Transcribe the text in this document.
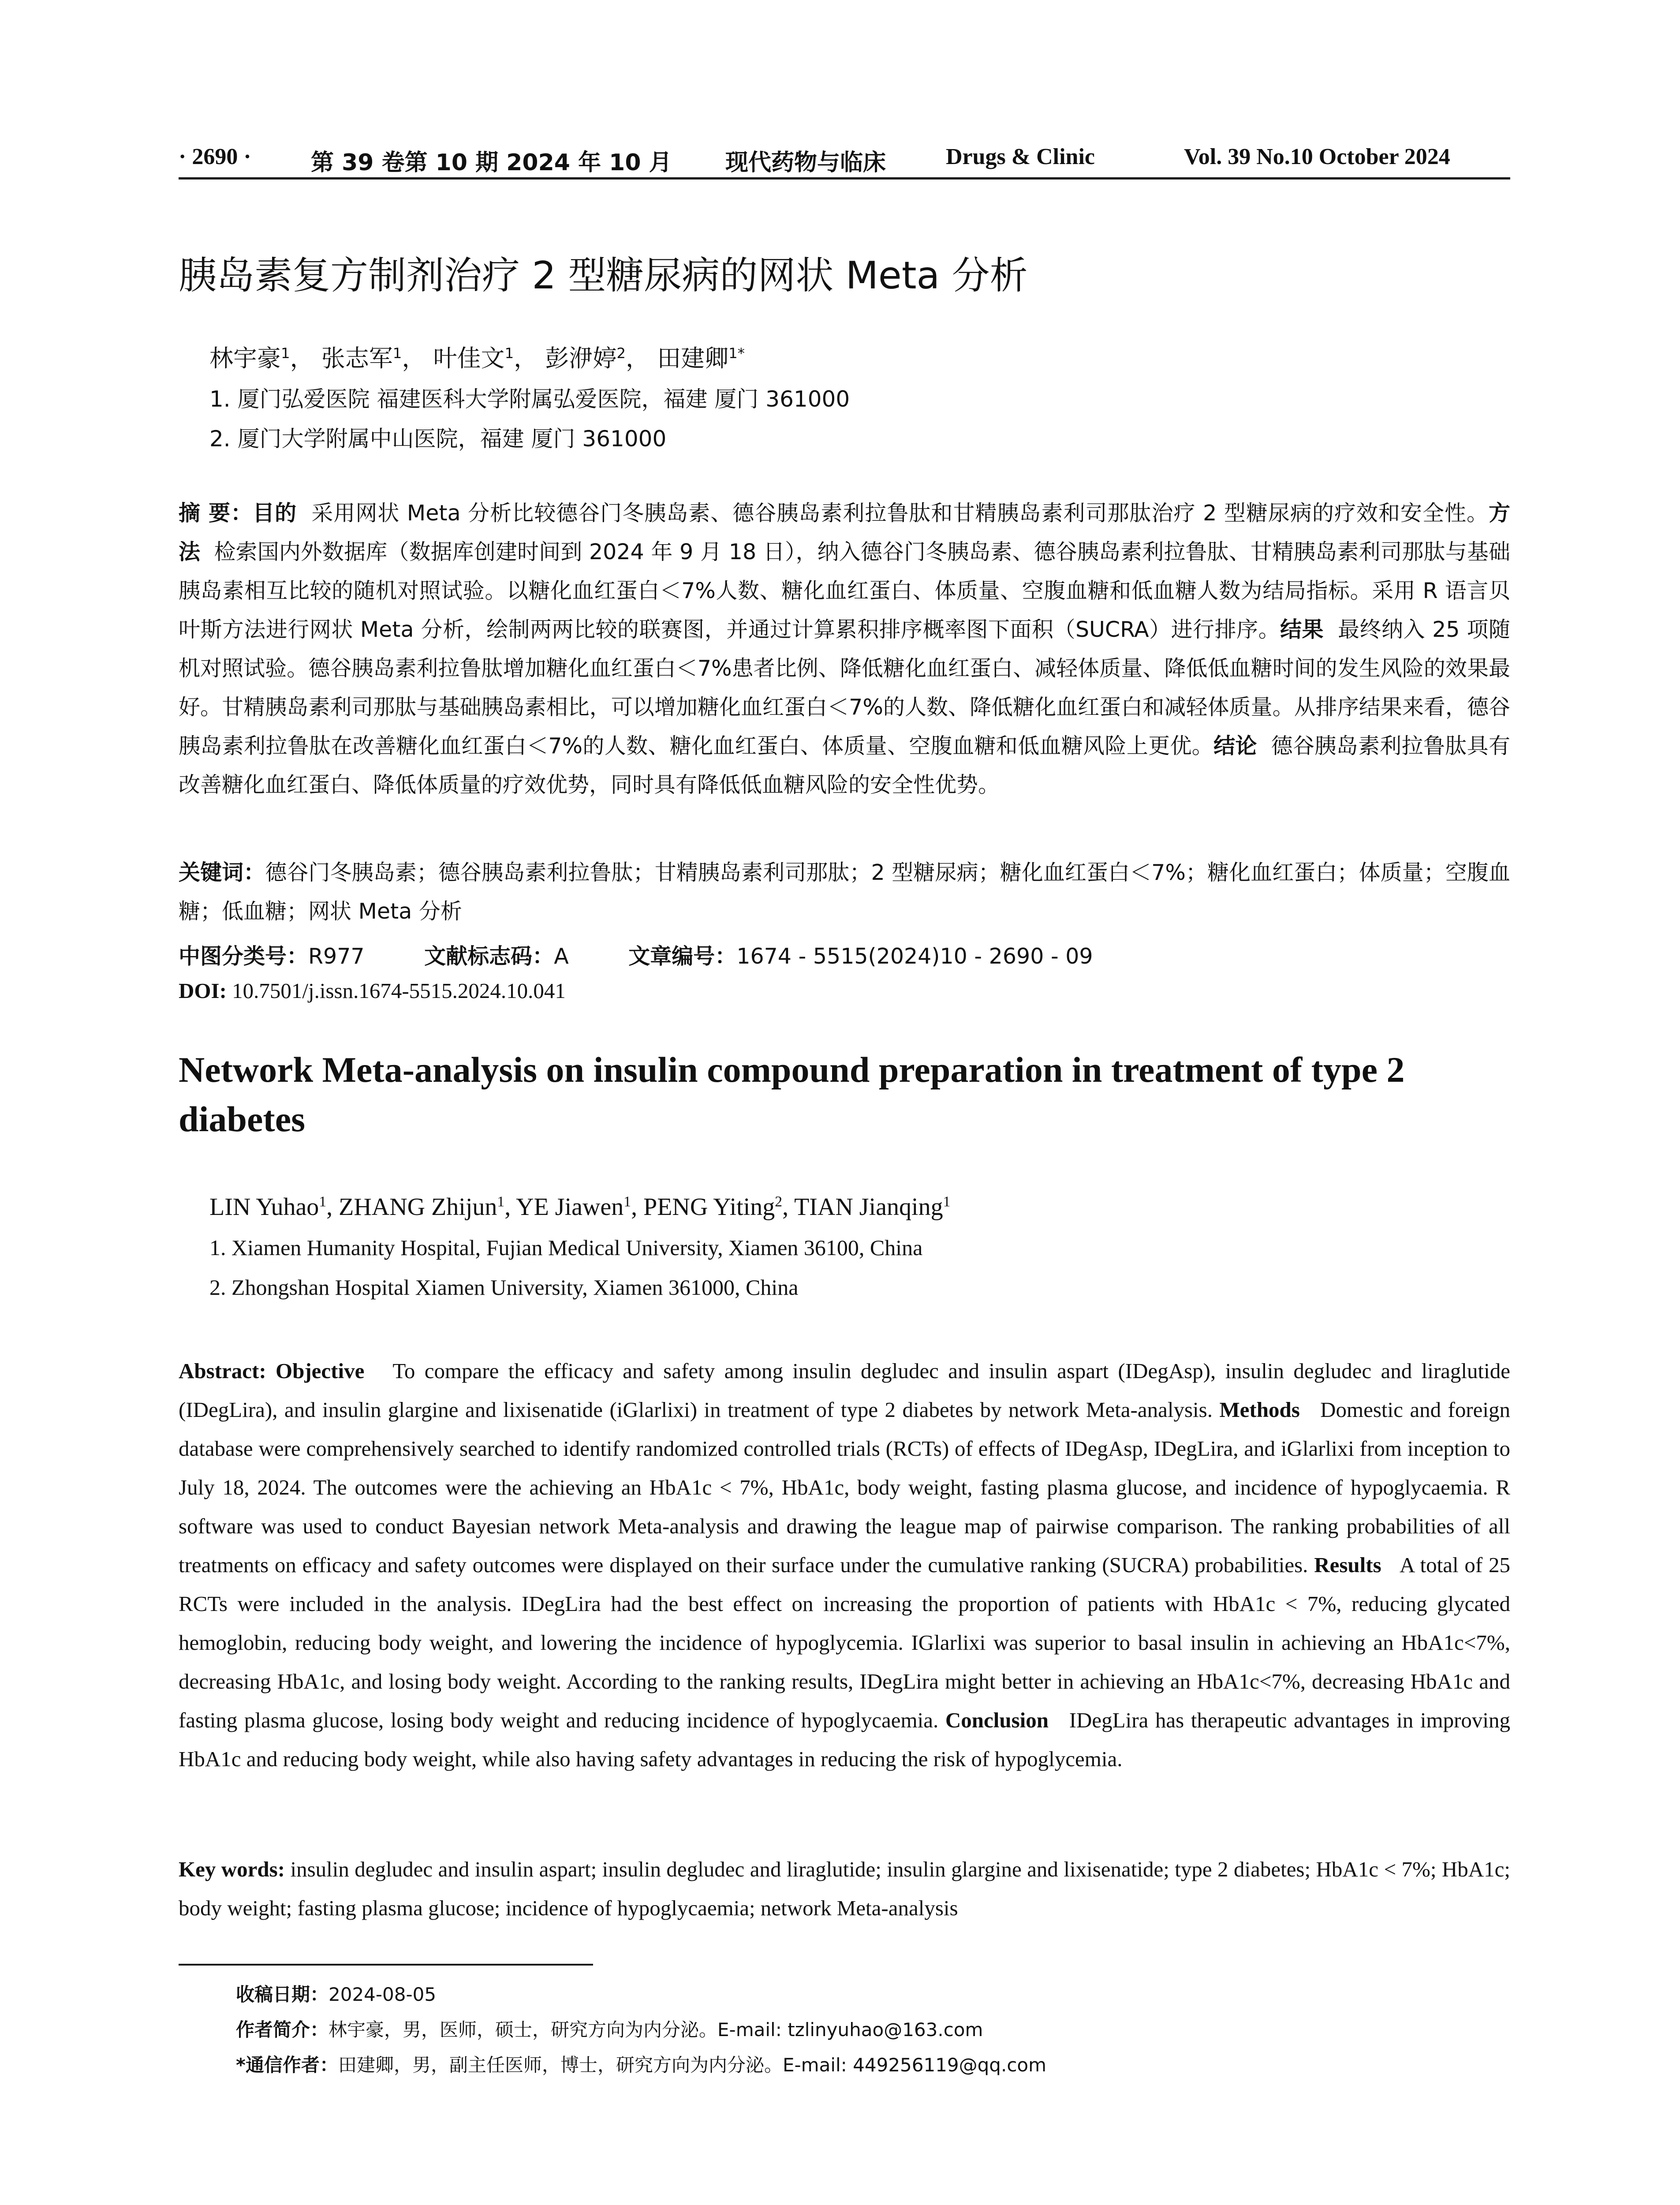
· 2690 ·	第 39 卷第 10 期 2024 年 10 月 现代药物与临床	Drugs & Clinic	Vol. 39 No.10 October 2024
胰岛素复方制剂治疗 2 型糖尿病的网状 Meta 分析
林宇豪$^1$， 张志军$^1$， 叶佳文$^1$， 彭洢婷$^2$， 田建卿$^{1*}$
1. 厦门弘爱医院 福建医科大学附属弘爱医院，福建 厦门 361000
2. 厦门大学附属中山医院，福建 厦门 361000
摘 要：目的 采用网状 Meta 分析比较德谷门冬胰岛素、德谷胰岛素利拉鲁肽和甘精胰岛素利司那肽治疗 2 型糖尿病的疗效和安全性。方法 检索国内外数据库（数据库创建时间到 2024 年 9 月 18 日），纳入德谷门冬胰岛素、德谷胰岛素利拉鲁肽、甘精胰岛素利司那肽与基础胰岛素相互比较的随机对照试验。以糖化血红蛋白＜7%人数、糖化血红蛋白、体质量、空腹血糖和低血糖人数为结局指标。采用 R 语言贝叶斯方法进行网状 Meta 分析，绘制两两比较的联赛图，并通过计算累积排序概率图下面积（SUCRA）进行排序。结果 最终纳入 25 项随机对照试验。德谷胰岛素利拉鲁肽增加糖化血红蛋白＜7%患者比例、降低糖化血红蛋白、减轻体质量、降低低血糖时间的发生风险的效果最好。甘精胰岛素利司那肽与基础胰岛素相比，可以增加糖化血红蛋白＜7%的人数、降低糖化血红蛋白和减轻体质量。从排序结果来看，德谷胰岛素利拉鲁肽在改善糖化血红蛋白＜7%的人数、糖化血红蛋白、体质量、空腹血糖和低血糖风险上更优。结论 德谷胰岛素利拉鲁肽具有改善糖化血红蛋白、降低体质量的疗效优势，同时具有降低低血糖风险的安全性优势。
关键词：德谷门冬胰岛素；德谷胰岛素利拉鲁肽；甘精胰岛素利司那肽；2 型糖尿病；糖化血红蛋白＜7%；糖化血红蛋白；体质量；空腹血糖；低血糖；网状 Meta 分析
中图分类号：R977	文献标志码：A	文章编号：1674 - 5515(2024)10 - 2690 - 09
DOI: 10.7501/j.issn.1674-5515.2024.10.041
Network Meta-analysis on insulin compound preparation in treatment of type 2 diabetes
LIN Yuhao$^1$, ZHANG Zhijun$^1$, YE Jiawen$^1$, PENG Yiting$^2$, TIAN Jianqing$^1$
1. Xiamen Humanity Hospital, Fujian Medical University, Xiamen 36100, China
2. Zhongshan Hospital Xiamen University, Xiamen 361000, China
Abstract: Objective To compare the efficacy and safety among insulin degludec and insulin aspart (IDegAsp), insulin degludec and liraglutide (IDegLira), and insulin glargine and lixisenatide (iGlarlixi) in treatment of type 2 diabetes by network Meta-analysis. Methods Domestic and foreign database were comprehensively searched to identify randomized controlled trials (RCTs) of effects of IDegAsp, IDegLira, and iGlarlixi from inception to July 18, 2024. The outcomes were the achieving an HbA1c < 7%, HbA1c, body weight, fasting plasma glucose, and incidence of hypoglycaemia. R software was used to conduct Bayesian network Meta-analysis and drawing the league map of pairwise comparison. The ranking probabilities of all treatments on efficacy and safety outcomes were displayed on their surface under the cumulative ranking (SUCRA) probabilities. Results A total of 25 RCTs were included in the analysis. IDegLira had the best effect on increasing the proportion of patients with HbA1c < 7%, reducing glycated hemoglobin, reducing body weight, and lowering the incidence of hypoglycemia. IGlarlixi was superior to basal insulin in achieving an HbA1c<7%, decreasing HbA1c, and losing body weight. According to the ranking results, IDegLira might better in achieving an HbA1c<7%, decreasing HbA1c and fasting plasma glucose, losing body weight and reducing incidence of hypoglycaemia. Conclusion IDegLira has therapeutic advantages in improving HbA1c and reducing body weight, while also having safety advantages in reducing the risk of hypoglycemia.
Key words: insulin degludec and insulin aspart; insulin degludec and liraglutide; insulin glargine and lixisenatide; type 2 diabetes; HbA1c < 7%; HbA1c; body weight; fasting plasma glucose; incidence of hypoglycaemia; network Meta-analysis
收稿日期：2024-08-05
作者简介：林宇豪，男，医师，硕士，研究方向为内分泌。E-mail: tzlinyuhao@163.com
*通信作者：田建卿，男，副主任医师，博士，研究方向为内分泌。E-mail: 449256119@qq.com
